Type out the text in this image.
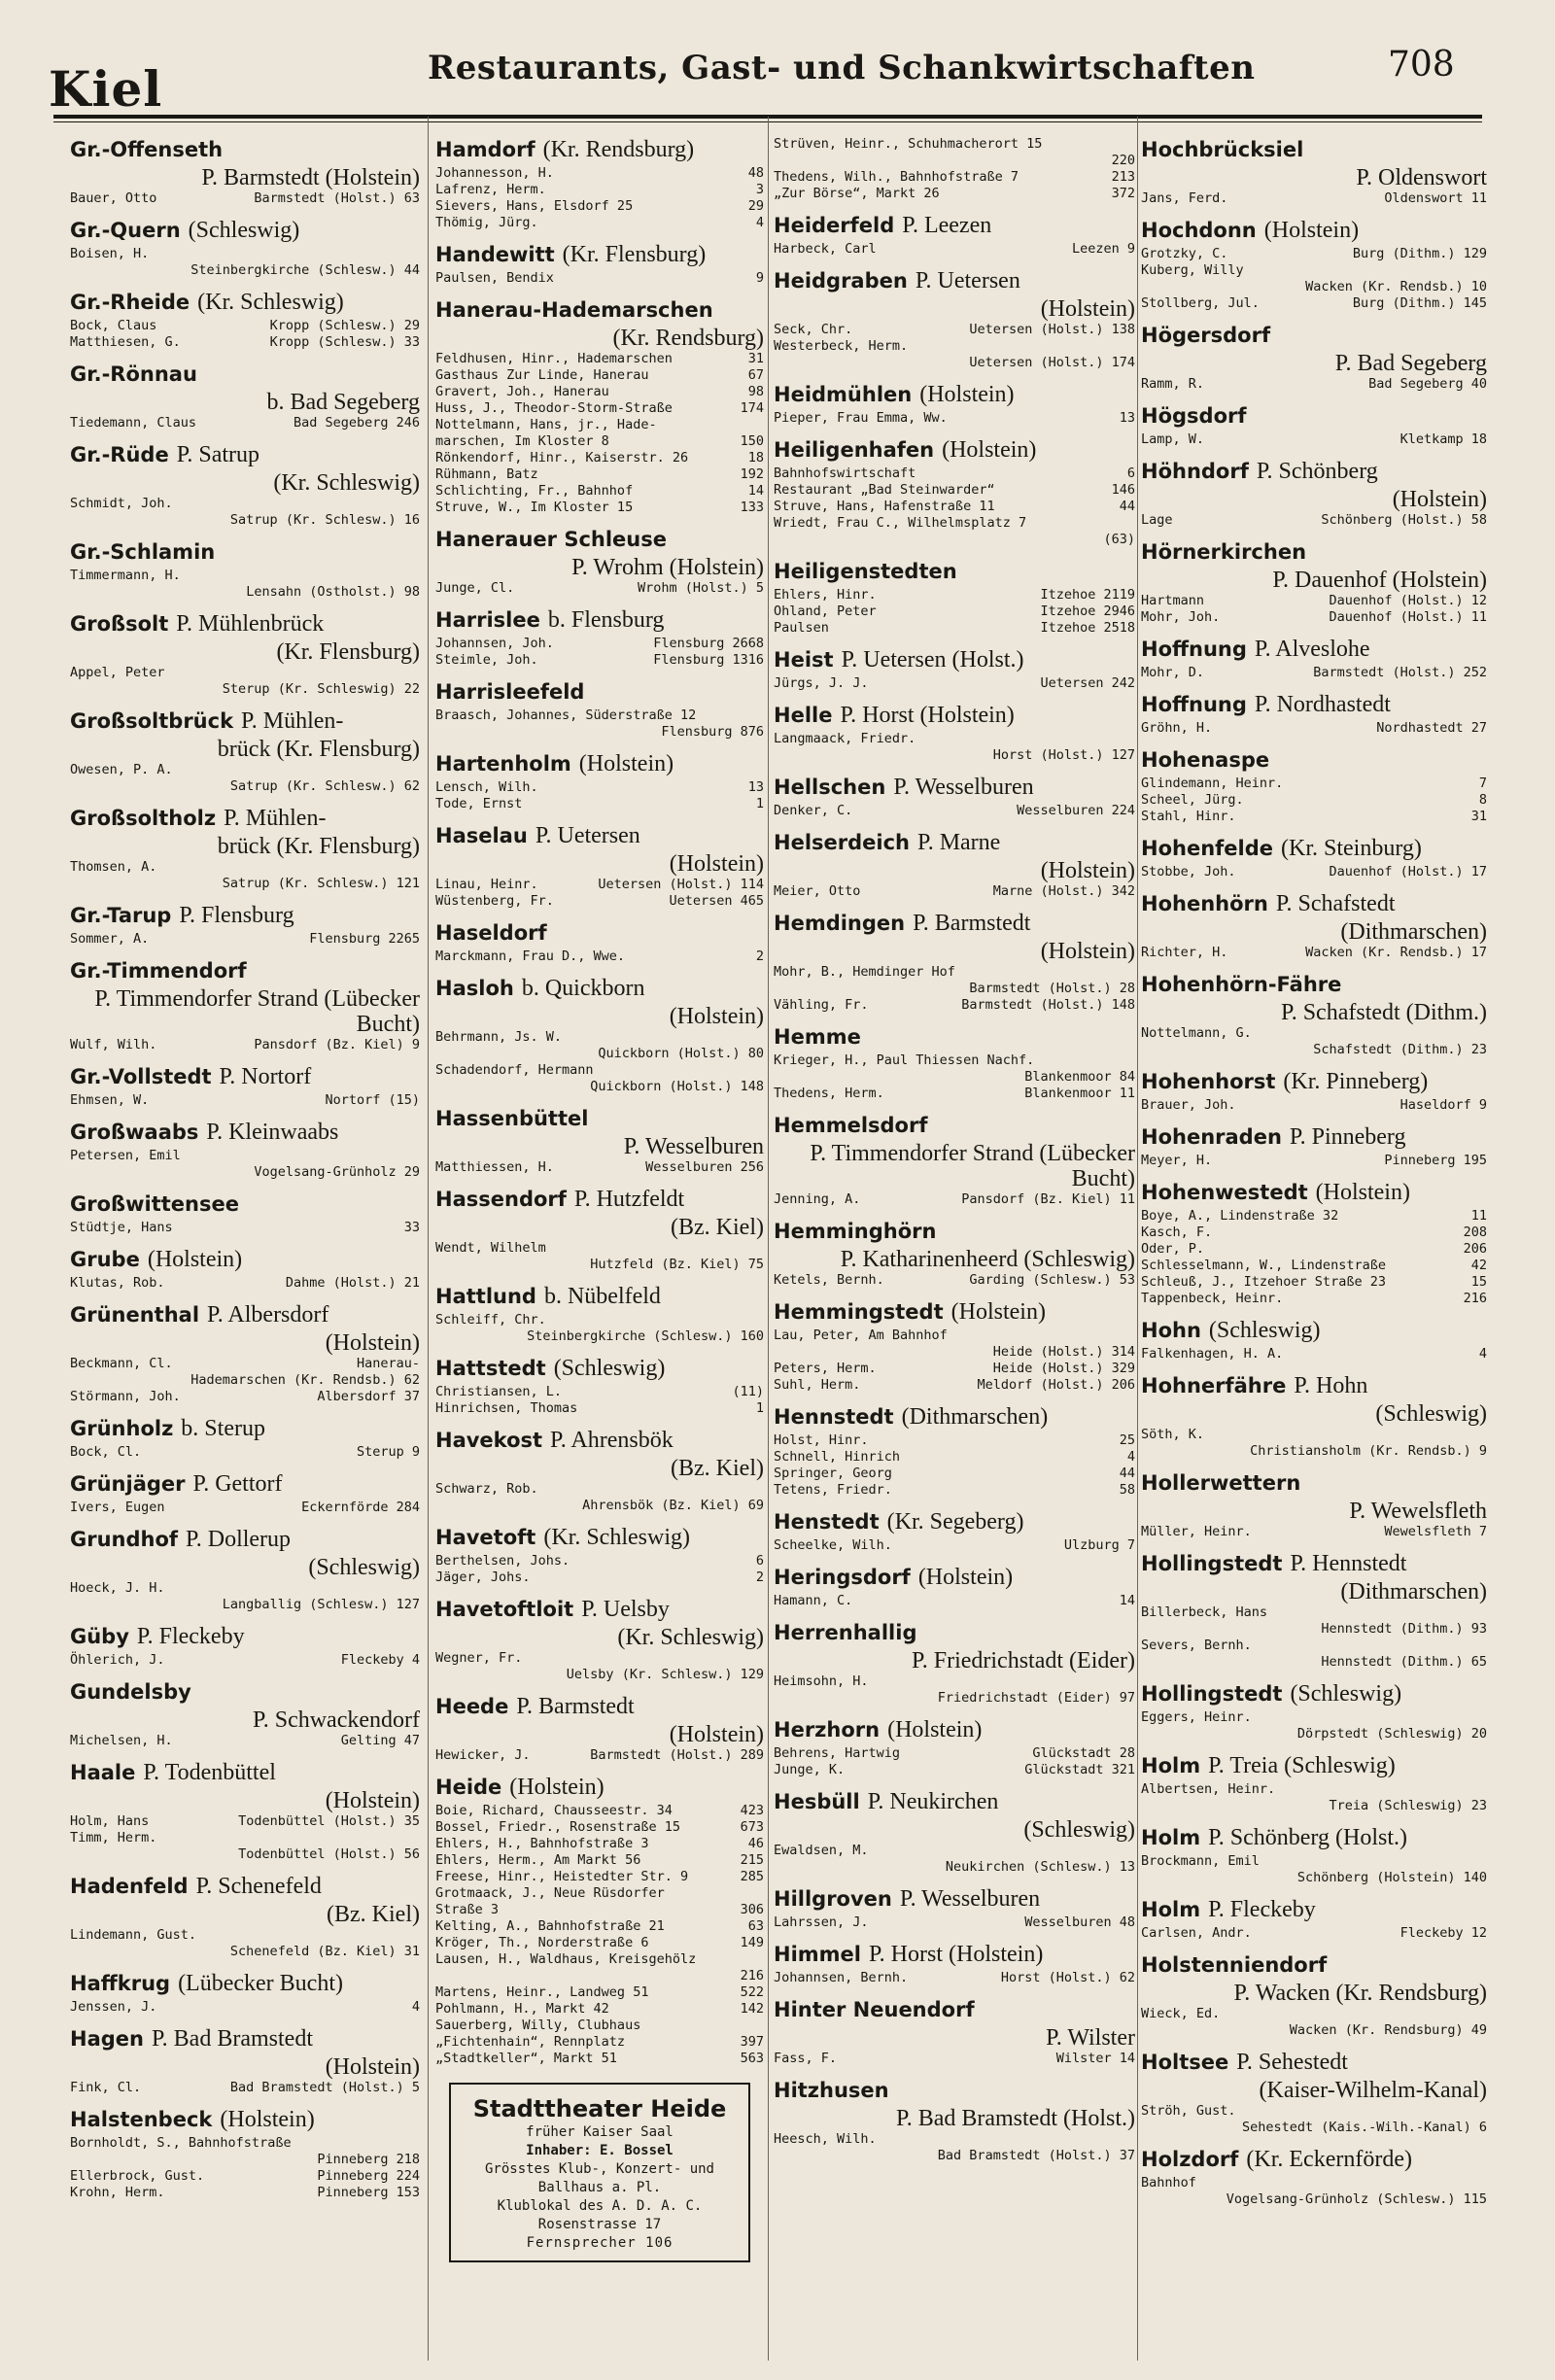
Kiel	Restaurants, Gast- und Schankwirtschaften	708
Gr.-Offenseth
P. Barmstedt (Holstein)
Bauer, Otto	Barmstedt (Holst.) 63
Gr.-Quern (Schleswig)
Boisen, H.
Steinbergkirche (Schlesw.) 44
Gr.-Rheide (Kr. Schleswig)
Bock, Claus	Kropp (Schlesw.) 29
Matthiesen, G.	Kropp (Schlesw.) 33
Gr.-Rönnau
b. Bad Segeberg
Tiedemann, Claus	Bad Segeberg 246
Gr.-Rüde P. Satrup
(Kr. Schleswig)
Schmidt, Joh.
Satrup (Kr. Schlesw.) 16
Gr.-Schlamin
Timmermann, H.
Lensahn (Ostholst.) 98
Großsolt P. Mühlenbrück
(Kr. Flensburg)
Appel, Peter
Sterup (Kr. Schleswig) 22
Großsoltbrück P. Mühlen-
brück (Kr. Flensburg)
Owesen, P. A.
Satrup (Kr. Schlesw.) 62
Großsoltholz P. Mühlen-
brück (Kr. Flensburg)
Thomsen, A.
Satrup (Kr. Schlesw.) 121
Gr.-Tarup P. Flensburg
Sommer, A.	Flensburg 2265
Gr.-Timmendorf
P. Timmendorfer Strand (Lübecker Bucht)
Wulf, Wilh.	Pansdorf (Bz. Kiel) 9
Gr.-Vollstedt P. Nortorf
Ehmsen, W.	Nortorf (15)
Großwaabs P. Kleinwaabs
Petersen, Emil
Vogelsang-Grünholz 29
Großwittensee
Stüdtje, Hans	33
Grube (Holstein)
Klutas, Rob.	Dahme (Holst.) 21
Grünenthal P. Albersdorf
(Holstein)
Beckmann, Cl.	Hanerau-
Hademarschen (Kr. Rendsb.) 62
Störmann, Joh.	Albersdorf 37
Grünholz b. Sterup
Bock, Cl.	Sterup 9
Grünjäger P. Gettorf
Ivers, Eugen	Eckernförde 284
Grundhof P. Dollerup
(Schleswig)
Hoeck, J. H.
Langballig (Schlesw.) 127
Güby P. Fleckeby
Öhlerich, J.	Fleckeby 4
Gundelsby
P. Schwackendorf
Michelsen, H.	Gelting 47
Haale P. Todenbüttel
(Holstein)
Holm, Hans	Todenbüttel (Holst.) 35
Timm, Herm.
Todenbüttel (Holst.) 56
Hadenfeld P. Schenefeld
(Bz. Kiel)
Lindemann, Gust.
Schenefeld (Bz. Kiel) 31
Haffkrug (Lübecker Bucht)
Jenssen, J.	4
Hagen P. Bad Bramstedt
(Holstein)
Fink, Cl.	Bad Bramstedt (Holst.) 5
Halstenbeck (Holstein)
Bornholdt, S., Bahnhofstraße
Pinneberg 218
Ellerbrock, Gust.	Pinneberg 224
Krohn, Herm.	Pinneberg 153
Hamdorf (Kr. Rendsburg)
Johannesson, H.	48
Lafrenz, Herm.	3
Sievers, Hans, Elsdorf 25	29
Thömig, Jürg.	4
Handewitt (Kr. Flensburg)
Paulsen, Bendix	9
Hanerau-Hademarschen
(Kr. Rendsburg)
Feldhusen, Hinr., Hademarschen	31
Gasthaus Zur Linde, Hanerau	67
Gravert, Joh., Hanerau	98
Huss, J., Theodor-Storm-Straße	174
Nottelmann, Hans, jr., Hade-
marschen, Im Kloster 8	150
Rönkendorf, Hinr., Kaiserstr. 26	18
Rühmann, Batz	192
Schlichting, Fr., Bahnhof	14
Struve, W., Im Kloster 15	133
Hanerauer Schleuse
P. Wrohm (Holstein)
Junge, Cl.	Wrohm (Holst.) 5
Harrislee b. Flensburg
Johannsen, Joh.	Flensburg 2668
Steimle, Joh.	Flensburg 1316
Harrisleefeld
Braasch, Johannes, Süderstraße 12
Flensburg 876
Hartenholm (Holstein)
Lensch, Wilh.	13
Tode, Ernst	1
Haselau P. Uetersen
(Holstein)
Linau, Heinr.	Uetersen (Holst.) 114
Wüstenberg, Fr.	Uetersen 465
Haseldorf
Marckmann, Frau D., Wwe.	2
Hasloh b. Quickborn
(Holstein)
Behrmann, Js. W.
Quickborn (Holst.) 80
Schadendorf, Hermann
Quickborn (Holst.) 148
Hassenbüttel
P. Wesselburen
Matthiessen, H.	Wesselburen 256
Hassendorf P. Hutzfeldt
(Bz. Kiel)
Wendt, Wilhelm
Hutzfeld (Bz. Kiel) 75
Hattlund b. Nübelfeld
Schleiff, Chr.
Steinbergkirche (Schlesw.) 160
Hattstedt (Schleswig)
Christiansen, L.	(11)
Hinrichsen, Thomas	1
Havekost P. Ahrensbök
(Bz. Kiel)
Schwarz, Rob.
Ahrensbök (Bz. Kiel) 69
Havetoft (Kr. Schleswig)
Berthelsen, Johs.	6
Jäger, Johs.	2
Havetoftloit P. Uelsby
(Kr. Schleswig)
Wegner, Fr.
Uelsby (Kr. Schlesw.) 129
Heede P. Barmstedt
(Holstein)
Hewicker, J.	Barmstedt (Holst.) 289
Heide (Holstein)
Boie, Richard, Chausseestr. 34	423
Bossel, Friedr., Rosenstraße 15	673
Ehlers, H., Bahnhofstraße 3	46
Ehlers, Herm., Am Markt 56	215
Freese, Hinr., Heistedter Str. 9	285
Grotmaack, J., Neue Rüsdorfer
Straße 3	306
Kelting, A., Bahnhofstraße 21	63
Kröger, Th., Norderstraße 6	149
Lausen, H., Waldhaus, Kreisgehölz
216
Martens, Heinr., Landweg 51	522
Pohlmann, H., Markt 42	142
Sauerberg, Willy, Clubhaus
„Fichtenhain“, Rennplatz	397
„Stadtkeller“, Markt 51	563
Stadttheater Heide
früher Kaiser Saal
Inhaber: E. Bossel
Grösstes Klub-, Konzert- und
Ballhaus a. Pl.
Klublokal des A. D. A. C.
Rosenstrasse 17
Fernsprecher 106
Strüven, Heinr., Schuhmacherort 15
220
Thedens, Wilh., Bahnhofstraße 7	213
„Zur Börse“, Markt 26	372
Heiderfeld P. Leezen
Harbeck, Carl	Leezen 9
Heidgraben P. Uetersen
(Holstein)
Seck, Chr.	Uetersen (Holst.) 138
Westerbeck, Herm.
Uetersen (Holst.) 174
Heidmühlen (Holstein)
Pieper, Frau Emma, Ww.	13
Heiligenhafen (Holstein)
Bahnhofswirtschaft	6
Restaurant „Bad Steinwarder“	146
Struve, Hans, Hafenstraße 11	44
Wriedt, Frau C., Wilhelmsplatz 7
(63)
Heiligenstedten
Ehlers, Hinr.	Itzehoe 2119
Ohland, Peter	Itzehoe 2946
Paulsen	Itzehoe 2518
Heist P. Uetersen (Holst.)
Jürgs, J. J.	Uetersen 242
Helle P. Horst (Holstein)
Langmaack, Friedr.
Horst (Holst.) 127
Hellschen P. Wesselburen
Denker, C.	Wesselburen 224
Helserdeich P. Marne
(Holstein)
Meier, Otto	Marne (Holst.) 342
Hemdingen P. Barmstedt
(Holstein)
Mohr, B., Hemdinger Hof
Barmstedt (Holst.) 28
Vähling, Fr.	Barmstedt (Holst.) 148
Hemme
Krieger, H., Paul Thiessen Nachf.
Blankenmoor 84
Thedens, Herm.	Blankenmoor 11
Hemmelsdorf
P. Timmendorfer Strand (Lübecker Bucht)
Jenning, A.	Pansdorf (Bz. Kiel) 11
Hemminghörn
P. Katharinenheerd (Schleswig)
Ketels, Bernh.	Garding (Schlesw.) 53
Hemmingstedt (Holstein)
Lau, Peter, Am Bahnhof
Heide (Holst.) 314
Peters, Herm.	Heide (Holst.) 329
Suhl, Herm.	Meldorf (Holst.) 206
Hennstedt (Dithmarschen)
Holst, Hinr.	25
Schnell, Hinrich	4
Springer, Georg	44
Tetens, Friedr.	58
Henstedt (Kr. Segeberg)
Scheelke, Wilh.	Ulzburg 7
Heringsdorf (Holstein)
Hamann, C.	14
Herrenhallig
P. Friedrichstadt (Eider)
Heimsohn, H.
Friedrichstadt (Eider) 97
Herzhorn (Holstein)
Behrens, Hartwig	Glückstadt 28
Junge, K.	Glückstadt 321
Hesbüll P. Neukirchen
(Schleswig)
Ewaldsen, M.
Neukirchen (Schlesw.) 13
Hillgroven P. Wesselburen
Lahrssen, J.	Wesselburen 48
Himmel P. Horst (Holstein)
Johannsen, Bernh.	Horst (Holst.) 62
Hinter Neuendorf
P. Wilster
Fass, F.	Wilster 14
Hitzhusen
P. Bad Bramstedt (Holst.)
Heesch, Wilh.
Bad Bramstedt (Holst.) 37
Hochbrücksiel
P. Oldenswort
Jans, Ferd.	Oldenswort 11
Hochdonn (Holstein)
Grotzky, C.	Burg (Dithm.) 129
Kuberg, Willy
Wacken (Kr. Rendsb.) 10
Stollberg, Jul.	Burg (Dithm.) 145
Högersdorf
P. Bad Segeberg
Ramm, R.	Bad Segeberg 40
Högsdorf
Lamp, W.	Kletkamp 18
Höhndorf P. Schönberg
(Holstein)
Lage	Schönberg (Holst.) 58
Hörnerkirchen
P. Dauenhof (Holstein)
Hartmann	Dauenhof (Holst.) 12
Mohr, Joh.	Dauenhof (Holst.) 11
Hoffnung P. Alveslohe
Mohr, D.	Barmstedt (Holst.) 252
Hoffnung P. Nordhastedt
Gröhn, H.	Nordhastedt 27
Hohenaspe
Glindemann, Heinr.	7
Scheel, Jürg.	8
Stahl, Hinr.	31
Hohenfelde (Kr. Steinburg)
Stobbe, Joh.	Dauenhof (Holst.) 17
Hohenhörn P. Schafstedt
(Dithmarschen)
Richter, H.	Wacken (Kr. Rendsb.) 17
Hohenhörn-Fähre
P. Schafstedt (Dithm.)
Nottelmann, G.
Schafstedt (Dithm.) 23
Hohenhorst (Kr. Pinneberg)
Brauer, Joh.	Haseldorf 9
Hohenraden P. Pinneberg
Meyer, H.	Pinneberg 195
Hohenwestedt (Holstein)
Boye, A., Lindenstraße 32	11
Kasch, F.	208
Oder, P.	206
Schlesselmann, W., Lindenstraße	42
Schleuß, J., Itzehoer Straße 23	15
Tappenbeck, Heinr.	216
Hohn (Schleswig)
Falkenhagen, H. A.	4
Hohnerfähre P. Hohn
(Schleswig)
Söth, K.
Christiansholm (Kr. Rendsb.) 9
Hollerwettern
P. Wewelsfleth
Müller, Heinr.	Wewelsfleth 7
Hollingstedt P. Hennstedt
(Dithmarschen)
Billerbeck, Hans
Hennstedt (Dithm.) 93
Severs, Bernh.
Hennstedt (Dithm.) 65
Hollingstedt (Schleswig)
Eggers, Heinr.
Dörpstedt (Schleswig) 20
Holm P. Treia (Schleswig)
Albertsen, Heinr.
Treia (Schleswig) 23
Holm P. Schönberg (Holst.)
Brockmann, Emil
Schönberg (Holstein) 140
Holm P. Fleckeby
Carlsen, Andr.	Fleckeby 12
Holstenniendorf
P. Wacken (Kr. Rendsburg)
Wieck, Ed.
Wacken (Kr. Rendsburg) 49
Holtsee P. Sehestedt
(Kaiser-Wilhelm-Kanal)
Ströh, Gust.
Sehestedt (Kais.-Wilh.-Kanal) 6
Holzdorf (Kr. Eckernförde)
Bahnhof
Vogelsang-Grünholz (Schlesw.) 115
